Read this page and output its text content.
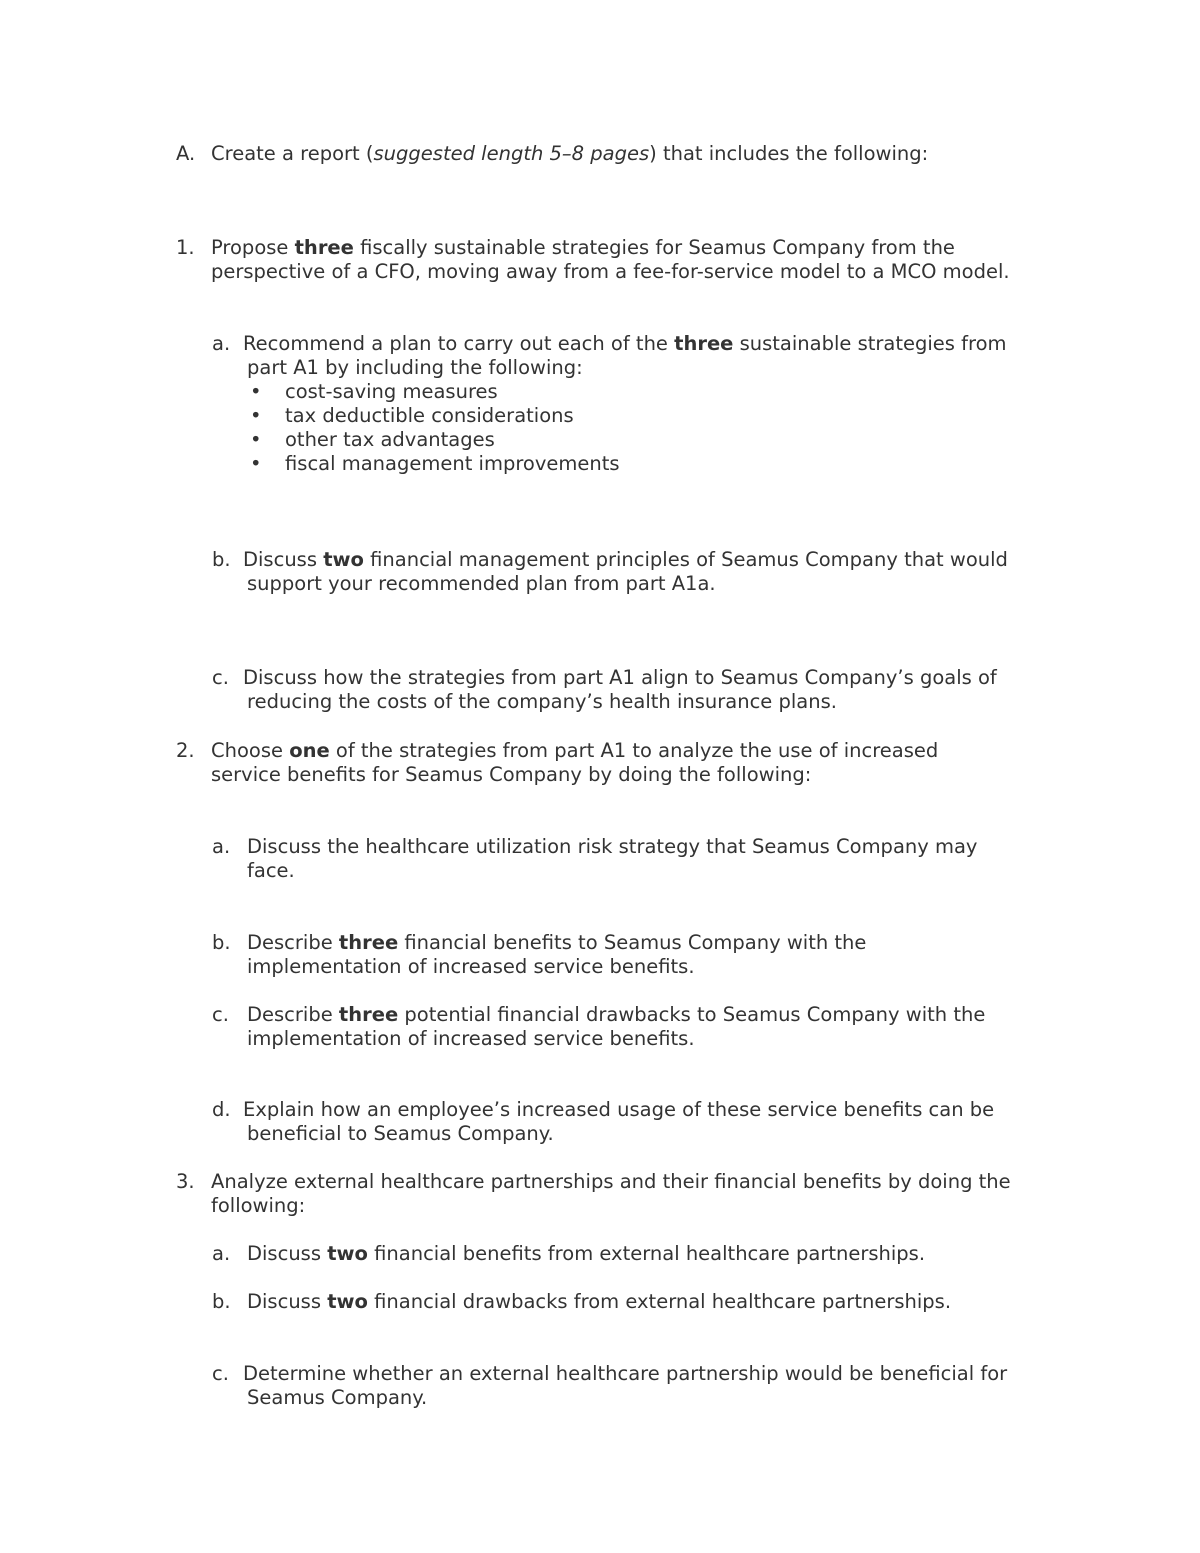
A. Create a report (suggested length 5–8 pages) that includes the following:
1. Propose three fiscally sustainable strategies for Seamus Company from the
perspective of a CFO, moving away from a fee-for-service model to a MCO model.
a. Recommend a plan to carry out each of the three sustainable strategies from
part A1 by including the following:
• cost-saving measures
• tax deductible considerations
• other tax advantages
• fiscal management improvements
b. Discuss two financial management principles of Seamus Company that would
support your recommended plan from part A1a.
c. Discuss how the strategies from part A1 align to Seamus Company’s goals of
reducing the costs of the company’s health insurance plans.
2. Choose one of the strategies from part A1 to analyze the use of increased
service benefits for Seamus Company by doing the following:
a. Discuss the healthcare utilization risk strategy that Seamus Company may
face.
b. Describe three financial benefits to Seamus Company with the
implementation of increased service benefits.
c. Describe three potential financial drawbacks to Seamus Company with the
implementation of increased service benefits.
d. Explain how an employee’s increased usage of these service benefits can be
beneficial to Seamus Company.
3. Analyze external healthcare partnerships and their financial benefits by doing the
following:
a. Discuss two financial benefits from external healthcare partnerships.
b. Discuss two financial drawbacks from external healthcare partnerships.
c. Determine whether an external healthcare partnership would be beneficial for
Seamus Company.
